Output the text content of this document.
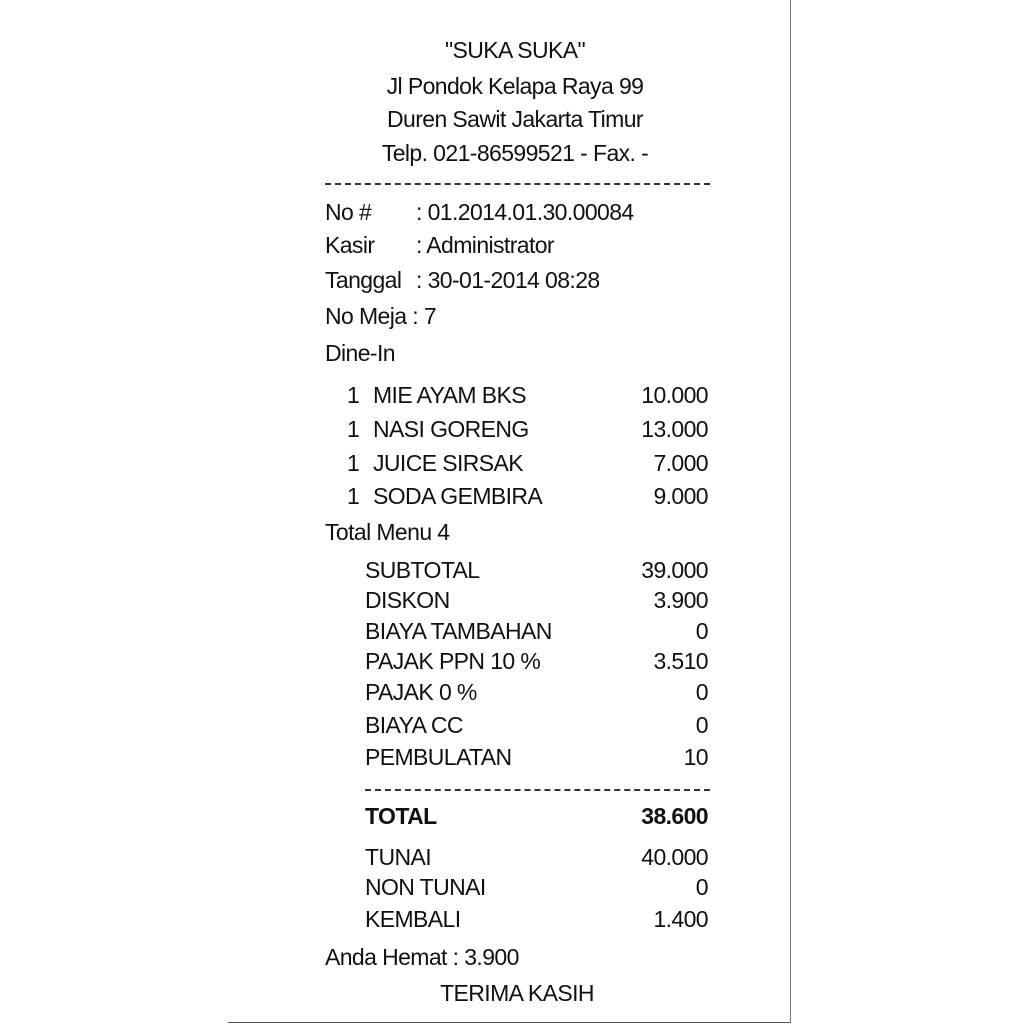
"SUKA SUKA"
Jl Pondok Kelapa Raya 99
Duren Sawit Jakarta Timur
Telp. 021-86599521 - Fax. -
No # : 01.2014.01.30.00084
Kasir : Administrator
Tanggal : 30-01-2014 08:28
No Meja : 7
Dine-In
1 MIE AYAM BKS	10.000
1 NASI GORENG	13.000
1 JUICE SIRSAK	7.000
1 SODA GEMBIRA	9.000
Total Menu 4
SUBTOTAL	39.000
DISKON	3.900
BIAYA TAMBAHAN	0
PAJAK PPN 10 %	3.510
PAJAK 0 %	0
BIAYA CC	0
PEMBULATAN	10
TOTAL	38.600
TUNAI	40.000
NON TUNAI	0
KEMBALI	1.400
Anda Hemat : 3.900
TERIMA KASIH
